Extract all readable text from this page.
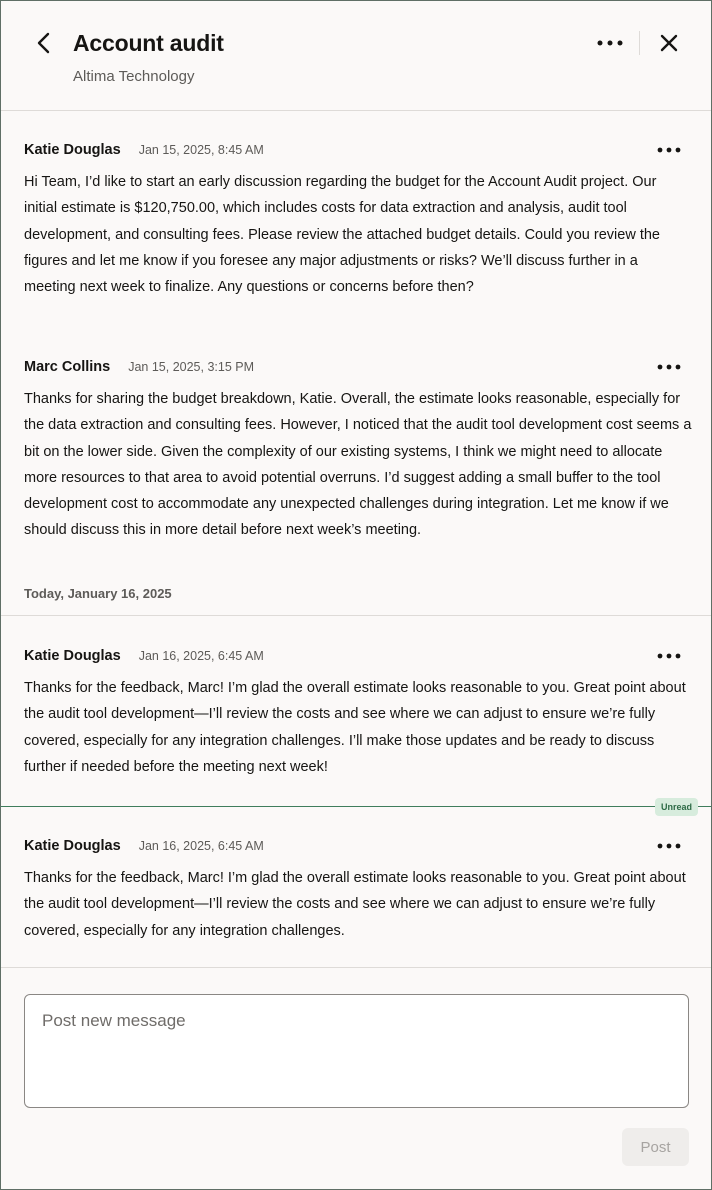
Account audit
Altima Technology
Katie Douglas Jan 15, 2025, 8:45 AM

Hi Team, I’d like to start an early discussion regarding the budget for the Account Audit project. Our initial estimate is $120,750.00, which includes costs for data extraction and analysis, audit tool development, and consulting fees. Please review the attached budget details. Could you review the figures and let me know if you foresee any major adjustments or risks? We’ll discuss further in a meeting next week to finalize. Any questions or concerns before then?

Marc Collins Jan 15, 2025, 3:15 PM

Thanks for sharing the budget breakdown, Katie. Overall, the estimate looks reasonable, especially for the data extraction and consulting fees. However, I noticed that the audit tool development cost seems a bit on the lower side. Given the complexity of our existing systems, I think we might need to allocate more resources to that area to avoid potential overruns. I’d suggest adding a small buffer to the tool development cost to accommodate any unexpected challenges during integration. Let me know if we should discuss this in more detail before next week’s meeting.

Today, January 16, 2025
Katie Douglas Jan 16, 2025, 6:45 AM

Thanks for the feedback, Marc! I’m glad the overall estimate looks reasonable to you. Great point about the audit tool development—I’ll review the costs and see where we can adjust to ensure we’re fully covered, especially for any integration challenges. I’ll make those updates and be ready to discuss further if needed before the meeting next week!

Unread
Katie Douglas Jan 16, 2025, 6:45 AM

Thanks for the feedback, Marc! I’m glad the overall estimate looks reasonable to you. Great point about the audit tool development—I’ll review the costs and see where we can adjust to ensure we’re fully covered, especially for any integration challenges.

Post new message
Post
